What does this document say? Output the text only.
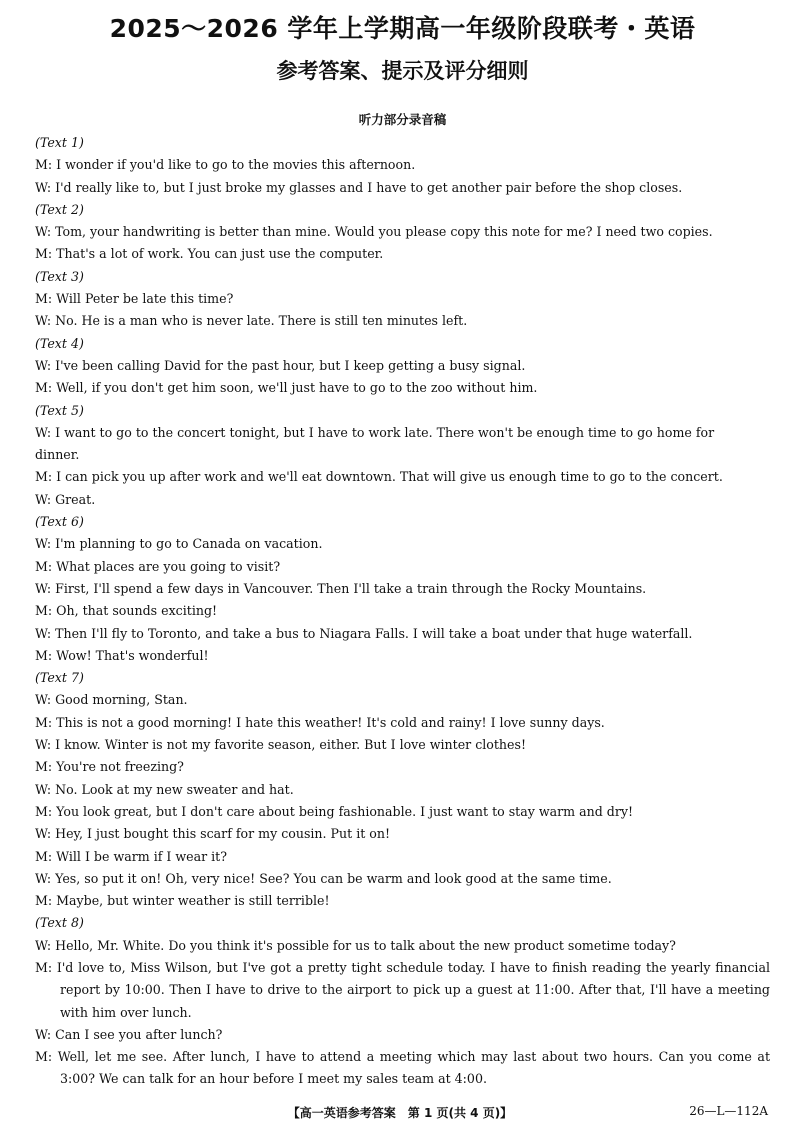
2025～2026 学年上学期高一年级阶段联考・英语
参考答案、提示及评分细则
听力部分录音稿
(Text 1)
M: I wonder if you'd like to go to the movies this afternoon.
W: I'd really like to, but I just broke my glasses and I have to get another pair before the shop closes.
(Text 2)
W: Tom, your handwriting is better than mine. Would you please copy this note for me? I need two copies.
M: That's a lot of work. You can just use the computer.
(Text 3)
M: Will Peter be late this time?
W: No. He is a man who is never late. There is still ten minutes left.
(Text 4)
W: I've been calling David for the past hour, but I keep getting a busy signal.
M: Well, if you don't get him soon, we'll just have to go to the zoo without him.
(Text 5)
W: I want to go to the concert tonight, but I have to work late. There won't be enough time to go home for
dinner.
M: I can pick you up after work and we'll eat downtown. That will give us enough time to go to the concert.
W: Great.
(Text 6)
W: I'm planning to go to Canada on vacation.
M: What places are you going to visit?
W: First, I'll spend a few days in Vancouver. Then I'll take a train through the Rocky Mountains.
M: Oh, that sounds exciting!
W: Then I'll fly to Toronto, and take a bus to Niagara Falls. I will take a boat under that huge waterfall.
M: Wow! That's wonderful!
(Text 7)
W: Good morning, Stan.
M: This is not a good morning! I hate this weather! It's cold and rainy! I love sunny days.
W: I know. Winter is not my favorite season, either. But I love winter clothes!
M: You're not freezing?
W: No. Look at my new sweater and hat.
M: You look great, but I don't care about being fashionable. I just want to stay warm and dry!
W: Hey, I just bought this scarf for my cousin. Put it on!
M: Will I be warm if I wear it?
W: Yes, so put it on! Oh, very nice! See? You can be warm and look good at the same time.
M: Maybe, but winter weather is still terrible!
(Text 8)
W: Hello, Mr. White. Do you think it's possible for us to talk about the new product sometime today?
M: I'd love to, Miss Wilson, but I've got a pretty tight schedule today. I have to finish reading the yearly financial report by 10:00. Then I have to drive to the airport to pick up a guest at 11:00. After that, I'll have a meeting with him over lunch.
W: Can I see you after lunch?
M: Well, let me see. After lunch, I have to attend a meeting which may last about two hours. Can you come at 3:00? We can talk for an hour before I meet my sales team at 4:00.
【高一英语参考答案　第 1 页(共 4 页)】	26—L—112A
